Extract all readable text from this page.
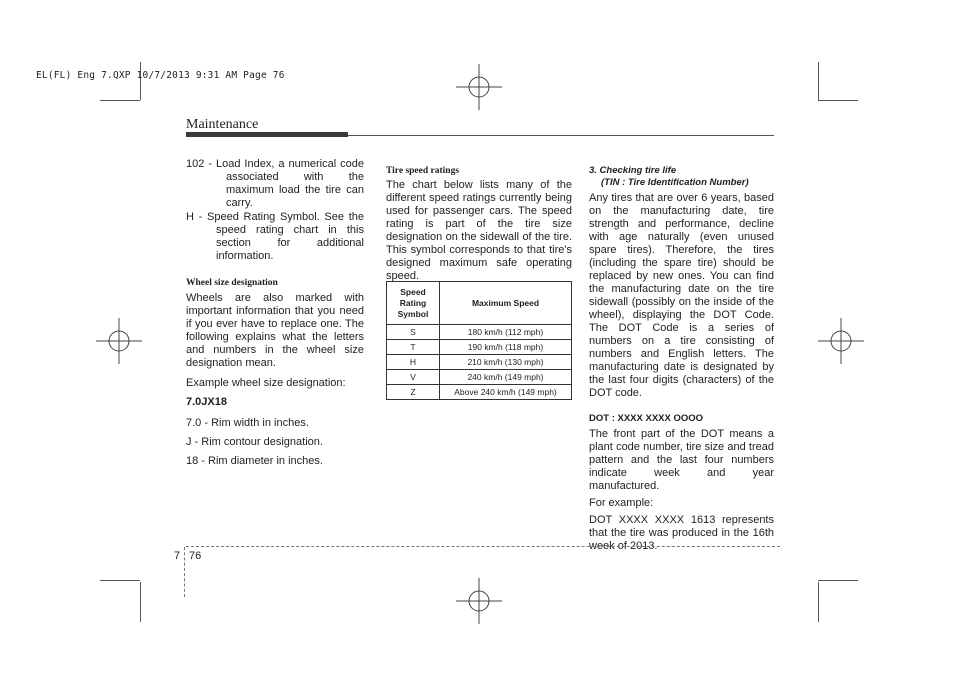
EL(FL) Eng 7.QXP 10/7/2013 9:31 AM Page 76
Maintenance

102 - Load Index, a numerical code associated with the maximum load the tire can carry.

H - Speed Rating Symbol. See the speed rating chart in this section for additional information.

Wheel size designation

Wheels are also marked with important information that you need if you ever have to replace one. The following explains what the letters and numbers in the wheel size designation mean.

Example wheel size designation:

7.0JX18

7.0 - Rim width in inches.

J - Rim contour designation.

18 - Rim diameter in inches.

Tire speed ratings

The chart below lists many of the different speed ratings currently being used for passenger cars. The speed rating is part of the tire size designation on the sidewall of the tire. This symbol corresponds to that tire's designed maximum safe operating speed.

Speed
Rating
Symbol	Maximum Speed
S	180 km/h (112 mph)
T	190 km/h (118 mph)
H	210 km/h (130 mph)
V	240 km/h (149 mph)
Z	Above 240 km/h (149 mph)

3. Checking tire life

(TIN : Tire Identification Number)

Any tires that are over 6 years, based on the manufacturing date, tire strength and performance, decline with age naturally (even unused spare tires). Therefore, the tires (including the spare tire) should be replaced by new ones. You can find the manufacturing date on the tire sidewall (possibly on the inside of the wheel), displaying the DOT Code. The DOT Code is a series of numbers on a tire consisting of numbers and English letters. The manufacturing date is designated by the last four digits (characters) of the DOT code.

DOT : XXXX XXXX OOOO

The front part of the DOT means a plant code number, tire size and tread pattern and the last four numbers indicate week and year manufactured.

For example:

DOT XXXX XXXX 1613 represents that the tire was produced in the 16th week of 2013.

7 76
